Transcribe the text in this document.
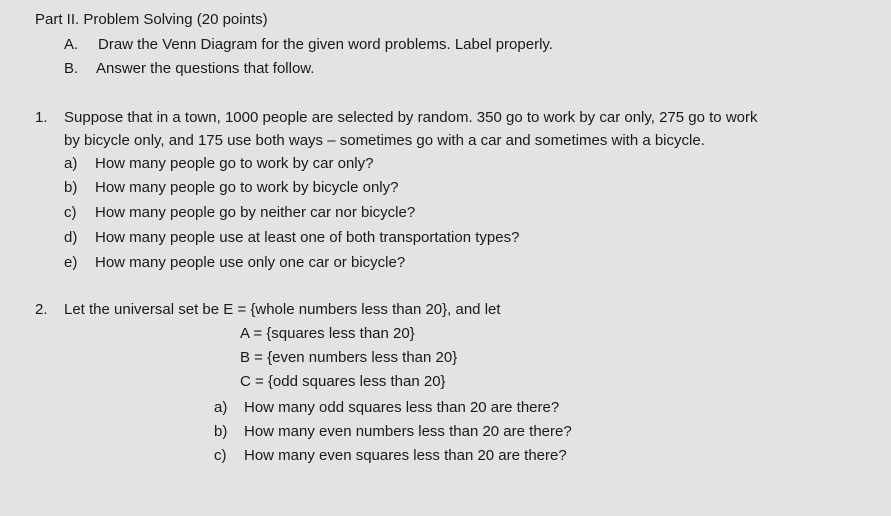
Part II. Problem Solving (20 points)
A. Draw the Venn Diagram for the given word problems. Label properly.
B. Answer the questions that follow.
1. Suppose that in a town, 1000 people are selected by random. 350 go to work by car only, 275 go to work
by bicycle only, and 175 use both ways – sometimes go with a car and sometimes with a bicycle.
a) How many people go to work by car only?
b) How many people go to work by bicycle only?
c) How many people go by neither car nor bicycle?
d) How many people use at least one of both transportation types?
e) How many people use only one car or bicycle?
2. Let the universal set be E = {whole numbers less than 20}, and let
A = {squares less than 20}
B = {even numbers less than 20}
C = {odd squares less than 20}
a) How many odd squares less than 20 are there?
b) How many even numbers less than 20 are there?
c) How many even squares less than 20 are there?
